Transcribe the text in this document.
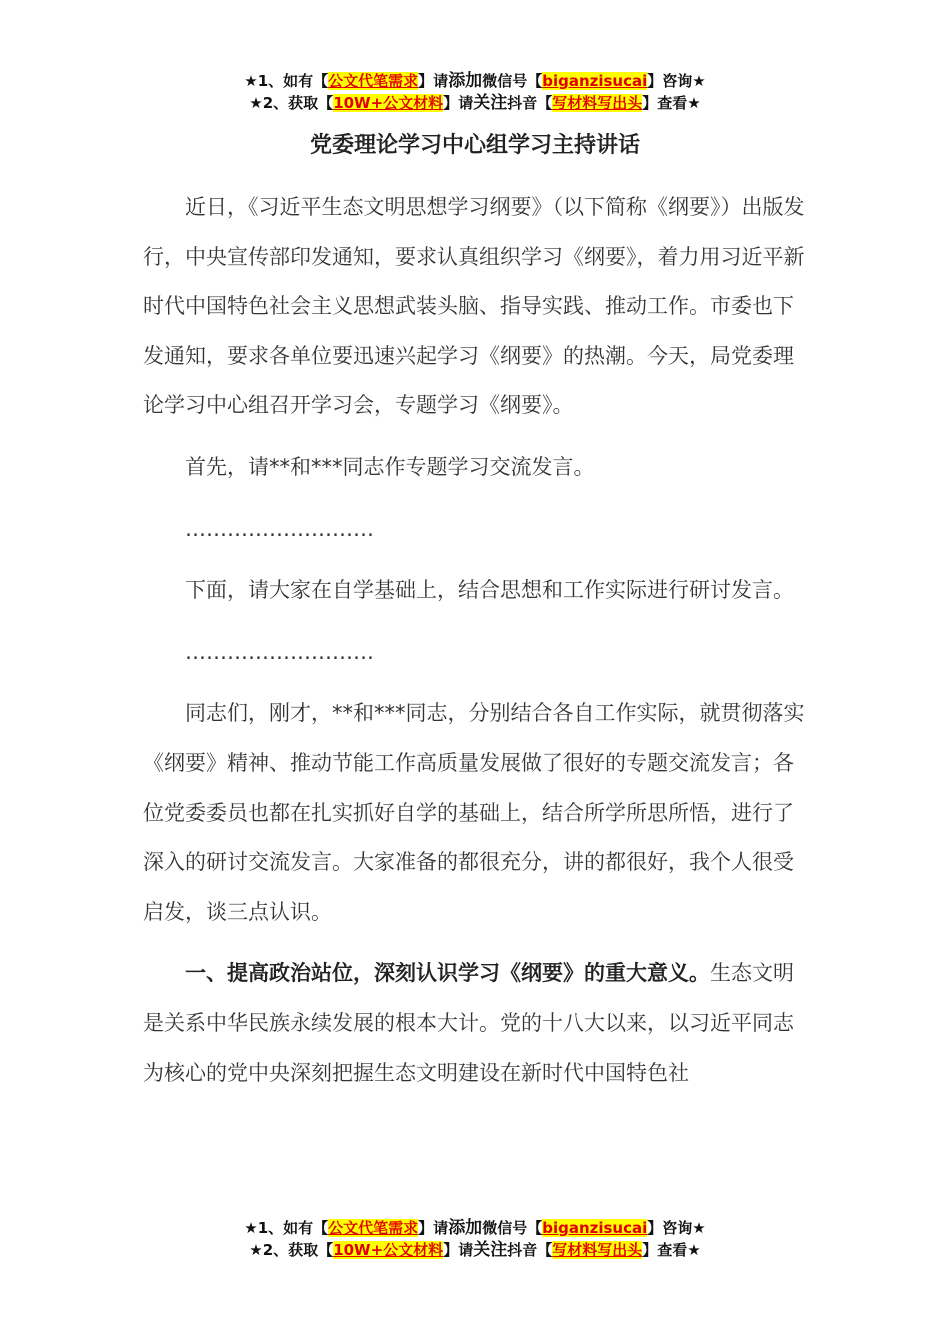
★1、如有【公文代笔需求】请添加微信号【biganzisucai】咨询★
★2、获取【10W+公文材料】请关注抖音【写材料写出头】查看★
党委理论学习中心组学习主持讲话

近日，《习近平生态文明思想学习纲要》（以下简称《纲要》）出版发行，中央宣传部印发通知，要求认真组织学习《纲要》，着力用习近平新时代中国特色社会主义思想武装头脑、指导实践、推动工作。市委也下发通知，要求各单位要迅速兴起学习《纲要》的热潮。今天，局党委理论学习中心组召开学习会，专题学习《纲要》。

首先，请**和***同志作专题学习交流发言。

………………………

下面，请大家在自学基础上，结合思想和工作实际进行研讨发言。

………………………

同志们，刚才，**和***同志，分别结合各自工作实际，就贯彻落实《纲要》精神、推动节能工作高质量发展做了很好的专题交流发言；各位党委委员也都在扎实抓好自学的基础上，结合所学所思所悟，进行了深入的研讨交流发言。大家准备的都很充分，讲的都很好，我个人很受启发，谈三点认识。

一、提高政治站位，深刻认识学习《纲要》的重大意义。生态文明是关系中华民族永续发展的根本大计。党的十八大以来，以习近平同志为核心的党中央深刻把握生态文明建设在新时代中国特色社

★1、如有【公文代笔需求】请添加微信号【biganzisucai】咨询★
★2、获取【10W+公文材料】请关注抖音【写材料写出头】查看★
